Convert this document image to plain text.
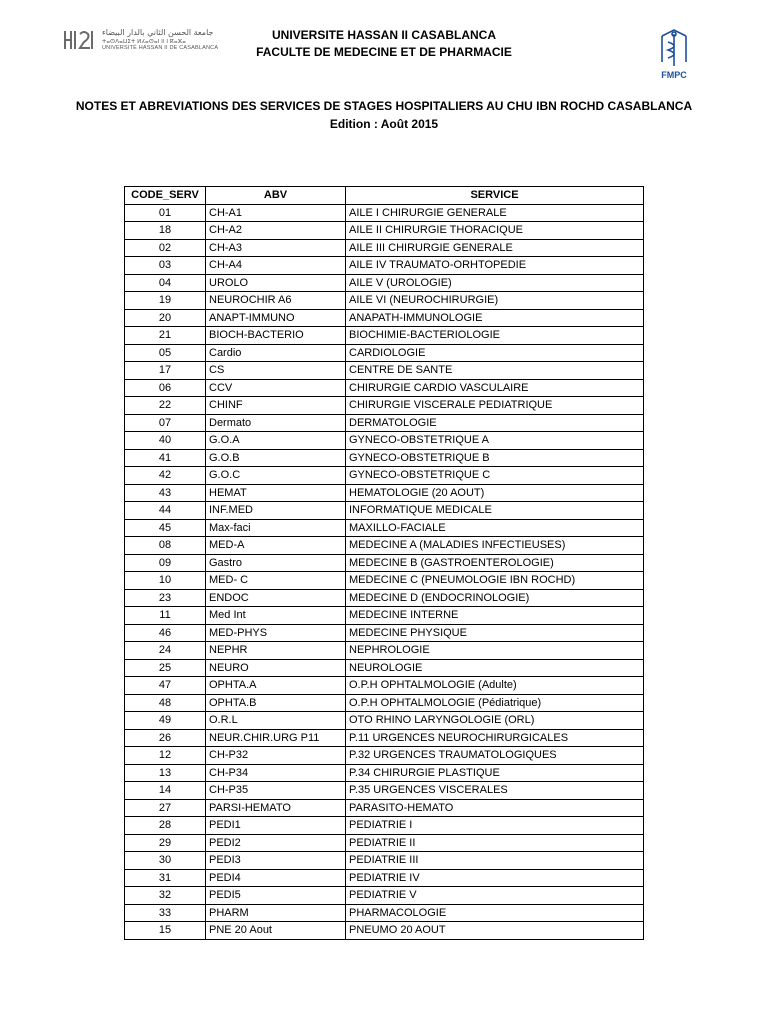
جامعة الحسن الثاني بالدار البيضاء
ⵜⴰⵙⴷⴰⵡⵉⵜ ⵍⵃⴰⵙⴰⵏ II ⵏ ⴽⴰⵣⴰ
UNIVERSITÉ HASSAN II DE CASABLANCA
FMPC
UNIVERSITE HASSAN II CASABLANCA
FACULTE DE MEDECINE ET DE PHARMACIE
NOTES ET ABREVIATIONS DES SERVICES DE STAGES HOSPITALIERS AU CHU IBN ROCHD CASABLANCA
Edition : Août 2015
CODE_SERV	ABV	SERVICE
01	CH-A1	AILE I CHIRURGIE GENERALE
18	CH-A2	AILE II CHIRURGIE THORACIQUE
02	CH-A3	AILE III CHIRURGIE GENERALE
03	CH-A4	AILE IV TRAUMATO-ORHTOPEDIE
04	UROLO	AILE V (UROLOGIE)
19	NEUROCHIR A6	AILE VI (NEUROCHIRURGIE)
20	ANAPT-IMMUNO	ANAPATH-IMMUNOLOGIE
21	BIOCH-BACTERIO	BIOCHIMIE-BACTERIOLOGIE
05	Cardio	CARDIOLOGIE
17	CS	CENTRE DE SANTE
06	CCV	CHIRURGIE CARDIO VASCULAIRE
22	CHINF	CHIRURGIE VISCERALE PEDIATRIQUE
07	Dermato	DERMATOLOGIE
40	G.O.A	GYNECO-OBSTETRIQUE A
41	G.O.B	GYNECO-OBSTETRIQUE B
42	G.O.C	GYNECO-OBSTETRIQUE C
43	HEMAT	HEMATOLOGIE (20 AOUT)
44	INF.MED	INFORMATIQUE MEDICALE
45	Max-faci	MAXILLO-FACIALE
08	MED-A	MEDECINE A (MALADIES INFECTIEUSES)
09	Gastro	MEDECINE B (GASTROENTEROLOGIE)
10	MED- C	MEDECINE C (PNEUMOLOGIE IBN ROCHD)
23	ENDOC	MEDECINE D (ENDOCRINOLOGIE)
11	Med Int	MEDECINE INTERNE
46	MED-PHYS	MEDECINE PHYSIQUE
24	NEPHR	NEPHROLOGIE
25	NEURO	NEUROLOGIE
47	OPHTA.A	O.P.H OPHTALMOLOGIE (Adulte)
48	OPHTA.B	O.P.H OPHTALMOLOGIE (Pédiatrique)
49	O.R.L	OTO RHINO LARYNGOLOGIE (ORL)
26	NEUR.CHIR.URG P11	P.11 URGENCES NEUROCHIRURGICALES
12	CH-P32	P.32 URGENCES TRAUMATOLOGIQUES
13	CH-P34	P.34 CHIRURGIE PLASTIQUE
14	CH-P35	P.35 URGENCES VISCERALES
27	PARSI-HEMATO	PARASITO-HEMATO
28	PEDI1	PEDIATRIE I
29	PEDI2	PEDIATRIE II
30	PEDI3	PEDIATRIE III
31	PEDI4	PEDIATRIE IV
32	PEDI5	PEDIATRIE V
33	PHARM	PHARMACOLOGIE
15	PNE 20 Aout	PNEUMO 20 AOUT
